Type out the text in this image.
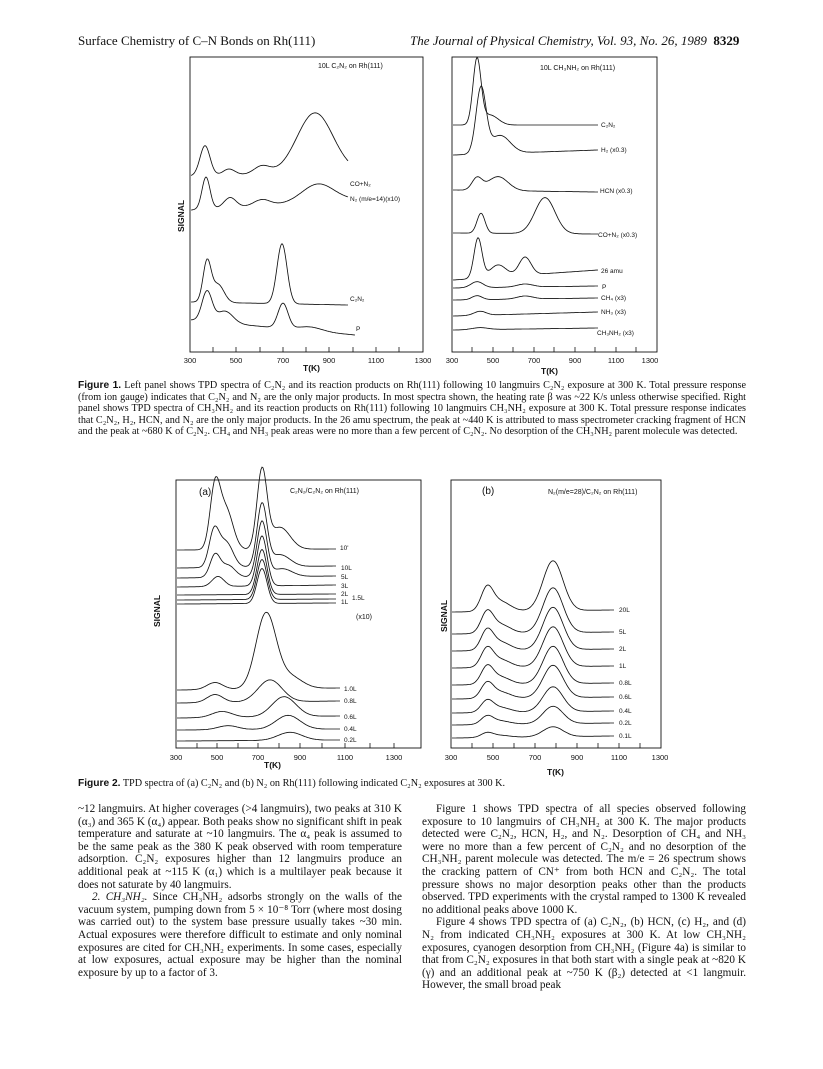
Surface Chemistry of C–N Bonds on Rh(111)	The Journal of Physical Chemistry, Vol. 93, No. 26, 1989 8329
10L C₂N₂ on Rh(111)	10L CH₃NH₂ on Rh(111)
SIGNAL
T(K)	T(K)
CO+N₂
N₂ (m/e=14)(x10)
C₂N₂
P
C₂N₂
H₂ (x0.3)
HCN (x0.3)
CO+N₂ (x0.3)
26 amu
P
CH₄ (x3)
NH₃ (x3)
CH₃NH₂ (x3)
300	500	700	900	1100	1300 300	500	700	900	1100 1300
(a)	(b)
C₂N₂/C₂N₂ on Rh(111)	N₂(m/e=28)/C₂N₂ on Rh(111)
SIGNAL	SIGNAL
T(K)
T(K)
10'
10L
5L
3L
2L
1.5L
1L
(x10)
1.0L
0.8L
0.6L
0.4L
0.2L
20L
5L
2L
1L
0.8L
0.6L
0.4L
0.2L
0.1L
300	500	700	900	1100	1300	300	500	700	900	1100	1300
Figure 1. Left panel shows TPD spectra of C₂N₂ and its reaction products on Rh(111) following 10 langmuirs C₂N₂ exposure at 300 K. Total pressure response (from ion gauge) indicates that C₂N₂ and N₂ are the only major products. In most spectra shown, the heating rate β was ~22 K/s unless otherwise specified. Right panel shows TPD spectra of CH₃NH₂ and its reaction products on Rh(111) following 10 langmuirs CH₃NH₂ exposure at 300 K. Total pressure response indicates that C₂N₂, H₂, HCN, and N₂ are the only major products. In the 26 amu spectrum, the peak at ~440 K is attributed to mass spectrometer cracking fragment of HCN and the peak at ~680 K of C₂N₂. CH₄ and NH₃ peak areas were no more than a few percent of C₂N₂. No desorption of the CH₃NH₂ parent molecule was detected.
Figure 2. TPD spectra of (a) C₂N₂ and (b) N₂ on Rh(111) following indicated C₂N₂ exposures at 300 K.

~12 langmuirs. At higher coverages (>4 langmuirs), two peaks at 310 K (α₃) and 365 K (α₄) appear. Both peaks show no significant shift in peak temperature and saturate at ~10 langmuirs. The α₄ peak is assumed to be the same peak as the 380 K peak observed with room temperature adsorption. C₂N₂ exposures higher than 12 langmuirs produce an additional peak at ~115 K (α₁) which is a multilayer peak because it does not saturate by 40 langmuirs.

2. CH₃NH₂. Since CH₃NH₂ adsorbs strongly on the walls of the vacuum system, pumping down from 5 × 10⁻⁸ Torr (where most dosing was carried out) to the system base pressure usually takes ~30 min. Actual exposures were therefore difficult to estimate and only nominal exposures are cited for CH₃NH₂ experiments. In some cases, especially at low exposures, actual exposure may be higher than the nominal exposure by up to a factor of 3.

Figure 1 shows TPD spectra of all species observed following exposure to 10 langmuirs of CH₃NH₂ at 300 K. The major products detected were C₂N₂, HCN, H₂, and N₂. Desorption of CH₄ and NH₃ were no more than a few percent of C₂N₂ and no desorption of the CH₃NH₂ parent molecule was detected. The m/e = 26 spectrum shows the cracking pattern of CN⁺ from both HCN and C₂N₂. The total pressure shows no major desorption peaks other than the products observed. TPD experiments with the crystal ramped to 1300 K revealed no additional peaks above 1000 K.

Figure 4 shows TPD spectra of (a) C₂N₂, (b) HCN, (c) H₂, and (d) N₂ from indicated CH₃NH₂ exposures at 300 K. At low CH₃NH₂ exposures, cyanogen desorption from CH₃NH₂ (Figure 4a) is similar to that from C₂N₂ exposures in that both start with a single peak at ~820 K (γ) and an additional peak at ~750 K (β₂) detected at <1 langmuir. However, the small broad peak
